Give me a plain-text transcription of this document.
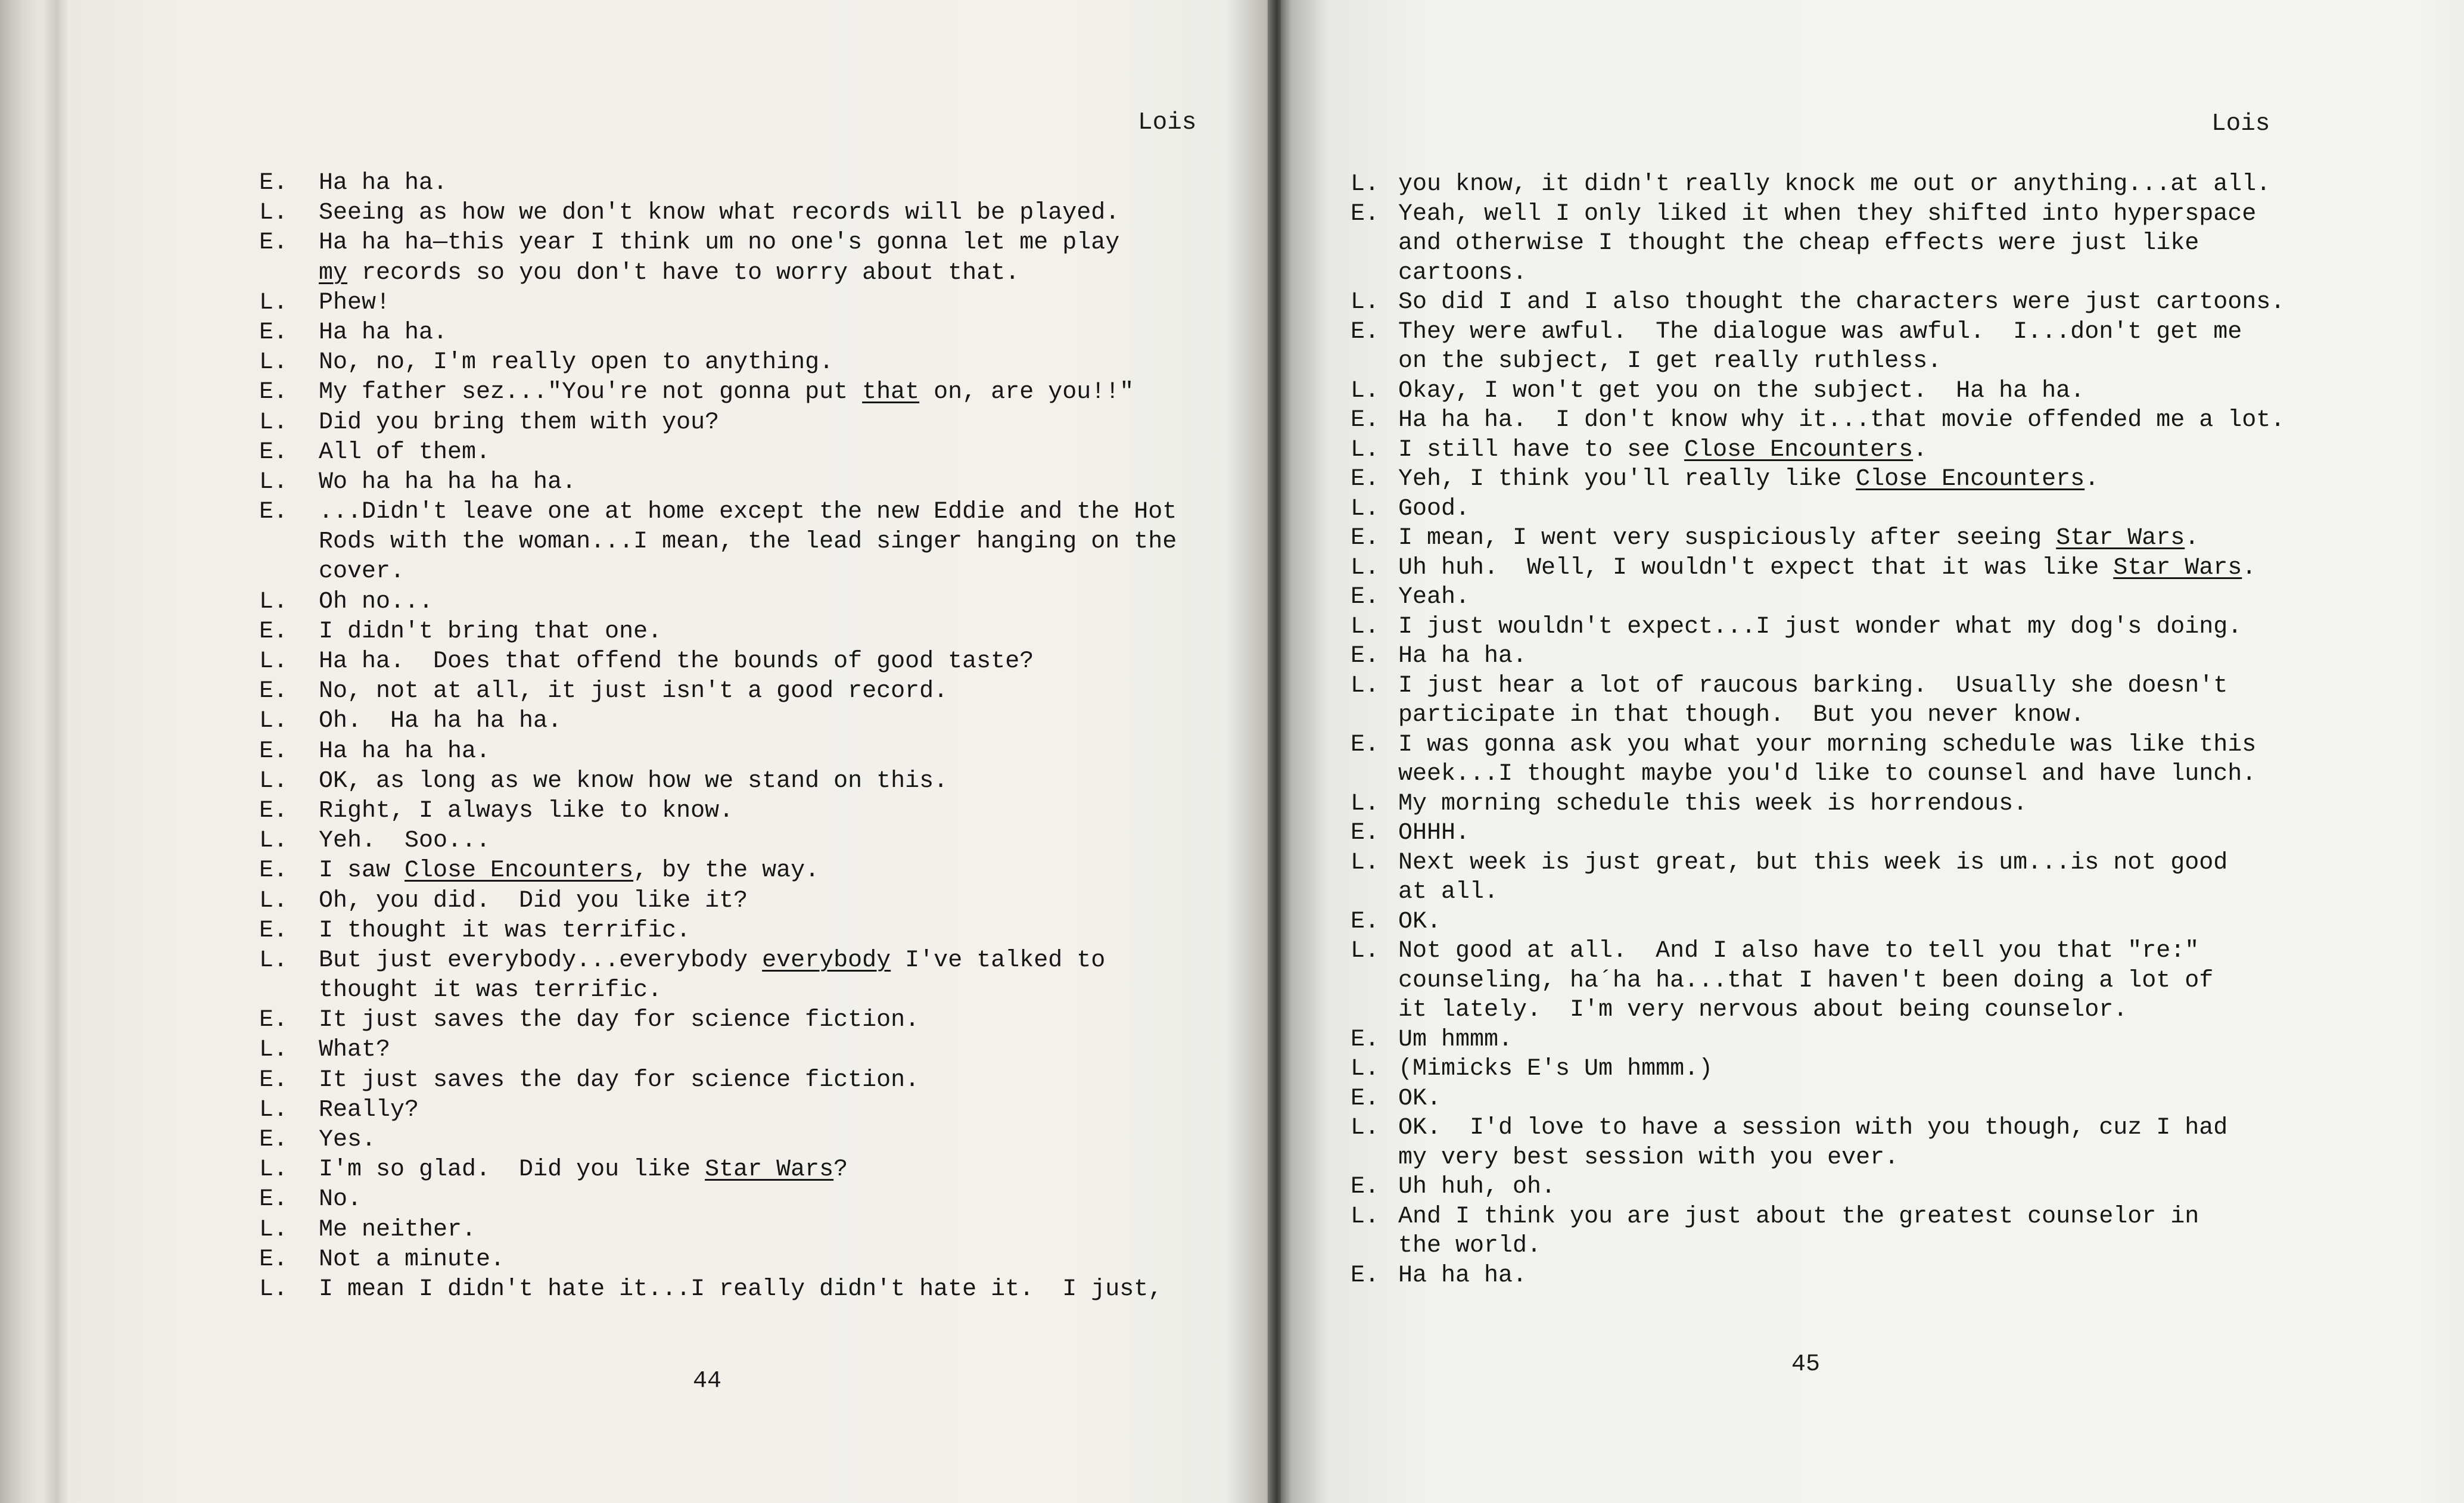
Lois
E. Ha ha ha.
L. Seeing as how we don't know what records will be played.
E. Ha ha ha—this year I think um no one's gonna let me play
my records so you don't have to worry about that.
L. Phew!
E. Ha ha ha.
L. No, no, I'm really open to anything.
E. My father sez..."You're not gonna put that on, are you!!"
L. Did you bring them with you?
E. All of them.
L. Wo ha ha ha ha ha.
E. ...Didn't leave one at home except the new Eddie and the Hot
Rods with the woman...I mean, the lead singer hanging on the
cover.
L. Oh no...
E. I didn't bring that one.
L. Ha ha.  Does that offend the bounds of good taste?
E. No, not at all, it just isn't a good record.
L. Oh.  Ha ha ha ha.
E. Ha ha ha ha.
L. OK, as long as we know how we stand on this.
E. Right, I always like to know.
L. Yeh.  Soo...
E. I saw Close Encounters, by the way.
L. Oh, you did.  Did you like it?
E. I thought it was terrific.
L. But just everybody...everybody everybody I've talked to
thought it was terrific.
E. It just saves the day for science fiction.
L. What?
E. It just saves the day for science fiction.
L. Really?
E. Yes.
L. I'm so glad.  Did you like Star Wars?
E. No.
L. Me neither.
E. Not a minute.
L. I mean I didn't hate it...I really didn't hate it.  I just,
44
Lois
L. you know, it didn't really knock me out or anything...at all.
E. Yeah, well I only liked it when they shifted into hyperspace
and otherwise I thought the cheap effects were just like
cartoons.
L. So did I and I also thought the characters were just cartoons.
E. They were awful.  The dialogue was awful.  I...don't get me
on the subject, I get really ruthless.
L. Okay, I won't get you on the subject.  Ha ha ha.
E. Ha ha ha.  I don't know why it...that movie offended me a lot.
L. I still have to see Close Encounters.
E. Yeh, I think you'll really like Close Encounters.
L. Good.
E. I mean, I went very suspiciously after seeing Star Wars.
L. Uh huh.  Well, I wouldn't expect that it was like Star Wars.
E. Yeah.
L. I just wouldn't expect...I just wonder what my dog's doing.
E. Ha ha ha.
L. I just hear a lot of raucous barking.  Usually she doesn't
participate in that though.  But you never know.
E. I was gonna ask you what your morning schedule was like this
week...I thought maybe you'd like to counsel and have lunch.
L. My morning schedule this week is horrendous.
E. OHHH.
L. Next week is just great, but this week is um...is not good
at all.
E. OK.
L. Not good at all.  And I also have to tell you that "re:"
counseling, ha´ha ha...that I haven't been doing a lot of
it lately.  I'm very nervous about being counselor.
E. Um hmmm.
L. (Mimicks E's Um hmmm.)
E. OK.
L. OK.  I'd love to have a session with you though, cuz I had
my very best session with you ever.
E. Uh huh, oh.
L. And I think you are just about the greatest counselor in
the world.
E. Ha ha ha.
45
